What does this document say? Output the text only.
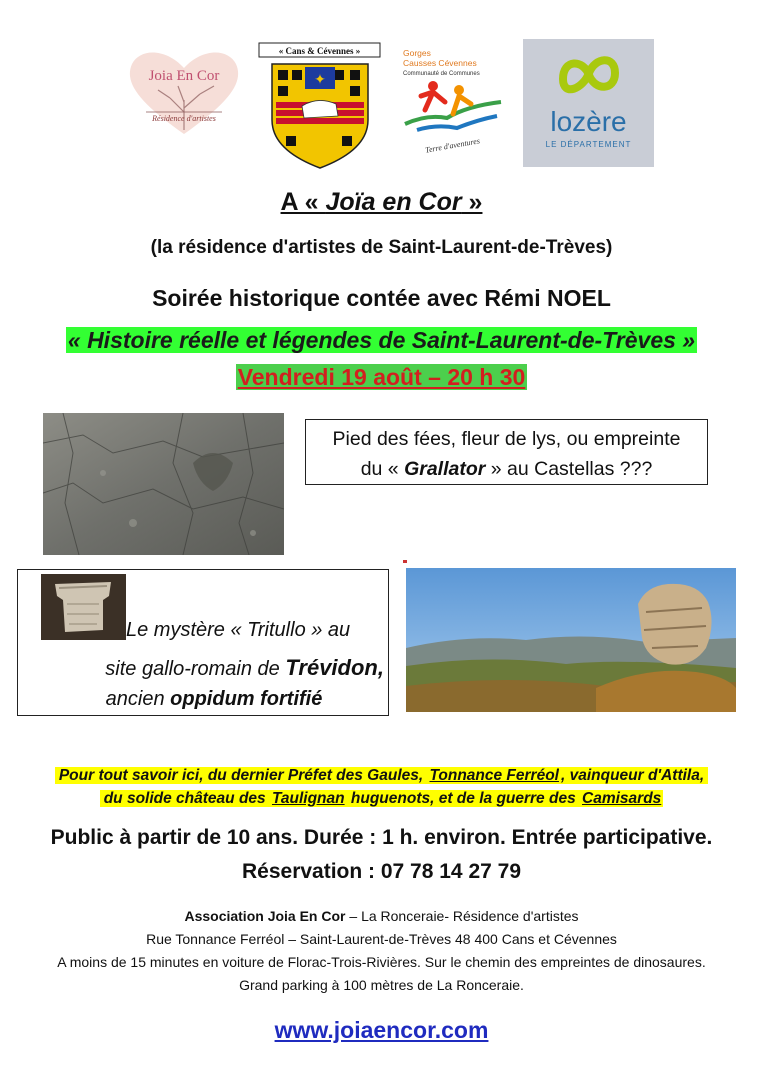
Joia En Cor
Résidence d'artistes
« Cans & Cévennes »
✦
Gorges
Causses Cévennes
Communauté de Communes
Terre d'aventures
lozère
LE DÉPARTEMENT
A « Joïa en Cor »
(la résidence d'artistes de Saint-Laurent-de-Trèves)
Soirée historique contée avec Rémi NOEL
« Histoire réelle et légendes de Saint-Laurent-de-Trèves »
Vendredi 19 août – 20 h 30
Pied des fées, fleur de lys, ou empreinte
du « Grallator » au Castellas ???
Le mystère « Tritullo » au
site gallo-romain de Trévidon,
ancien oppidum fortifié
Pour tout savoir ici, du dernier Préfet des Gaules, Tonnance Ferréol , vainqueur d'Attila,
du solide château des Taulignan huguenots, et de la guerre des Camisards
Public à partir de 10 ans. Durée : 1 h. environ. Entrée participative.
Réservation : 07 78 14 27 79
Association Joia En Cor – La Ronceraie- Résidence d'artistes
Rue Tonnance Ferréol – Saint-Laurent-de-Trèves 48 400 Cans et Cévennes
A moins de 15 minutes en voiture de Florac-Trois-Rivières. Sur le chemin des empreintes de dinosaures.
Grand parking à 100 mètres de La Ronceraie.
www.joiaencor.com
